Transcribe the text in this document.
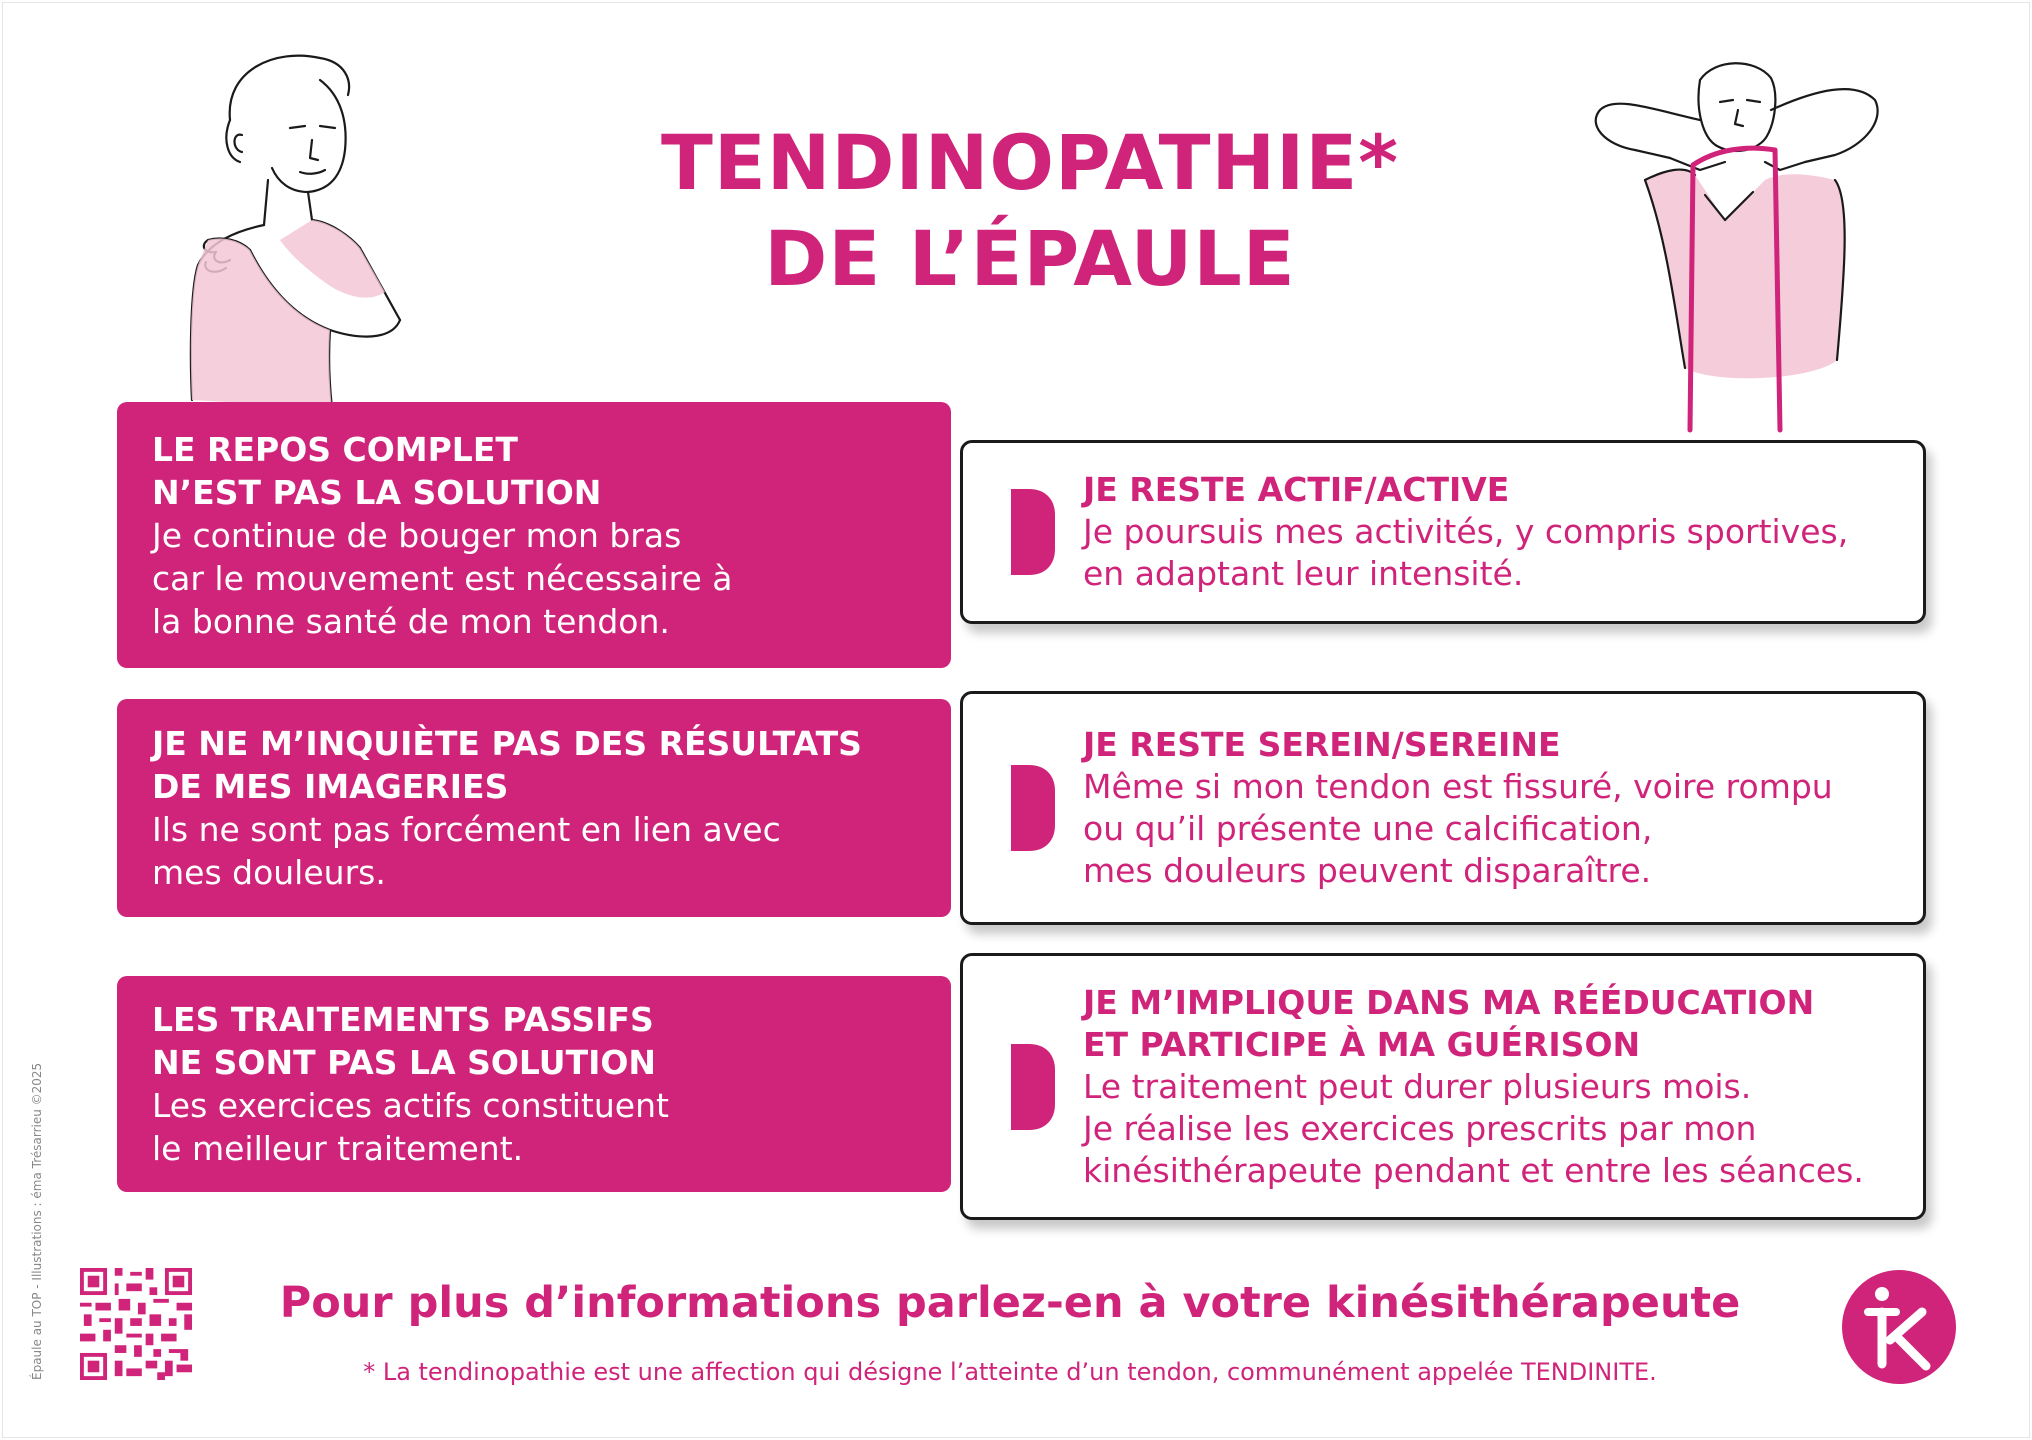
TENDINOPATHIE*
DE L’ÉPAULE
LE REPOS COMPLET
N’EST PAS LA SOLUTION
Je continue de bouger mon bras
car le mouvement est nécessaire à
la bonne santé de mon tendon.
JE NE M’INQUIÈTE PAS DES RÉSULTATS
DE MES IMAGERIES
Ils ne sont pas forcément en lien avec
mes douleurs.
LES TRAITEMENTS PASSIFS
NE SONT PAS LA SOLUTION
Les exercices actifs constituent
le meilleur traitement.
JE RESTE ACTIF/ACTIVE
Je poursuis mes activités, y compris sportives,
en adaptant leur intensité.
JE RESTE SEREIN/SEREINE
Même si mon tendon est fissuré, voire rompu
ou qu’il présente une calcification,
mes douleurs peuvent disparaître.
JE M’IMPLIQUE DANS MA RÉÉDUCATION
ET PARTICIPE À MA GUÉRISON
Le traitement peut durer plusieurs mois.
Je réalise les exercices prescrits par mon
kinésithérapeute pendant et entre les séances.
Pour plus d’informations parlez-en à votre kinésithérapeute
* La tendinopathie est une affection qui désigne l’atteinte d’un tendon, communément appelée TENDINITE.
Épaule au TOP - Illustrations : éma Trésarrieu ©2025
